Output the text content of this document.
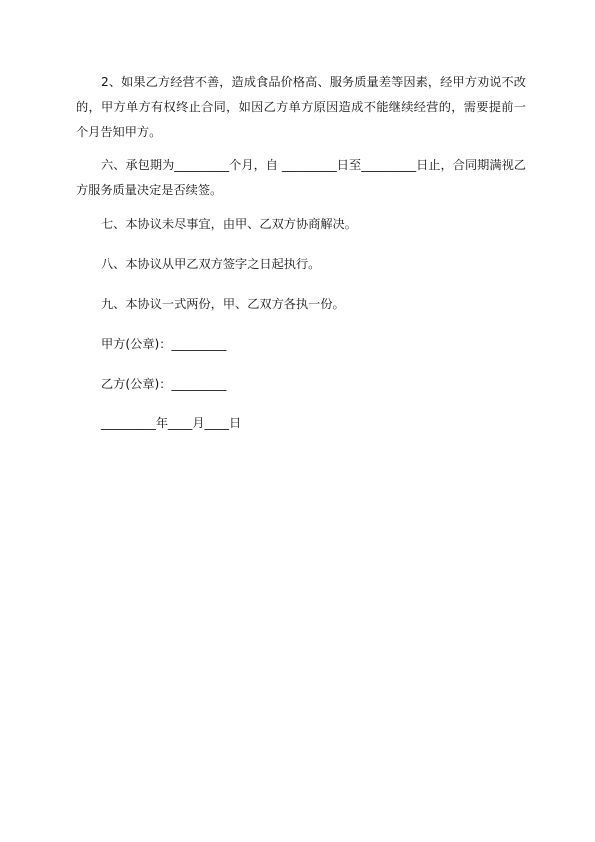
2、如果乙方经营不善，造成食品价格高、服务质量差等因素，经甲方劝说不改的，甲方单方有权终止合同，如因乙方单方原因造成不能继续经营的，需要提前一个月告知甲方。

六、承包期为_________个月，自 _________日至_________日止，合同期满视乙方服务质量决定是否续签。

七、本协议未尽事宜，由甲、乙双方协商解决。

八、本协议从甲乙双方签字之日起执行。

九、本协议一式两份，甲、乙双方各执一份。

甲方(公章)：_________

乙方(公章)：_________

_________年____月____日
